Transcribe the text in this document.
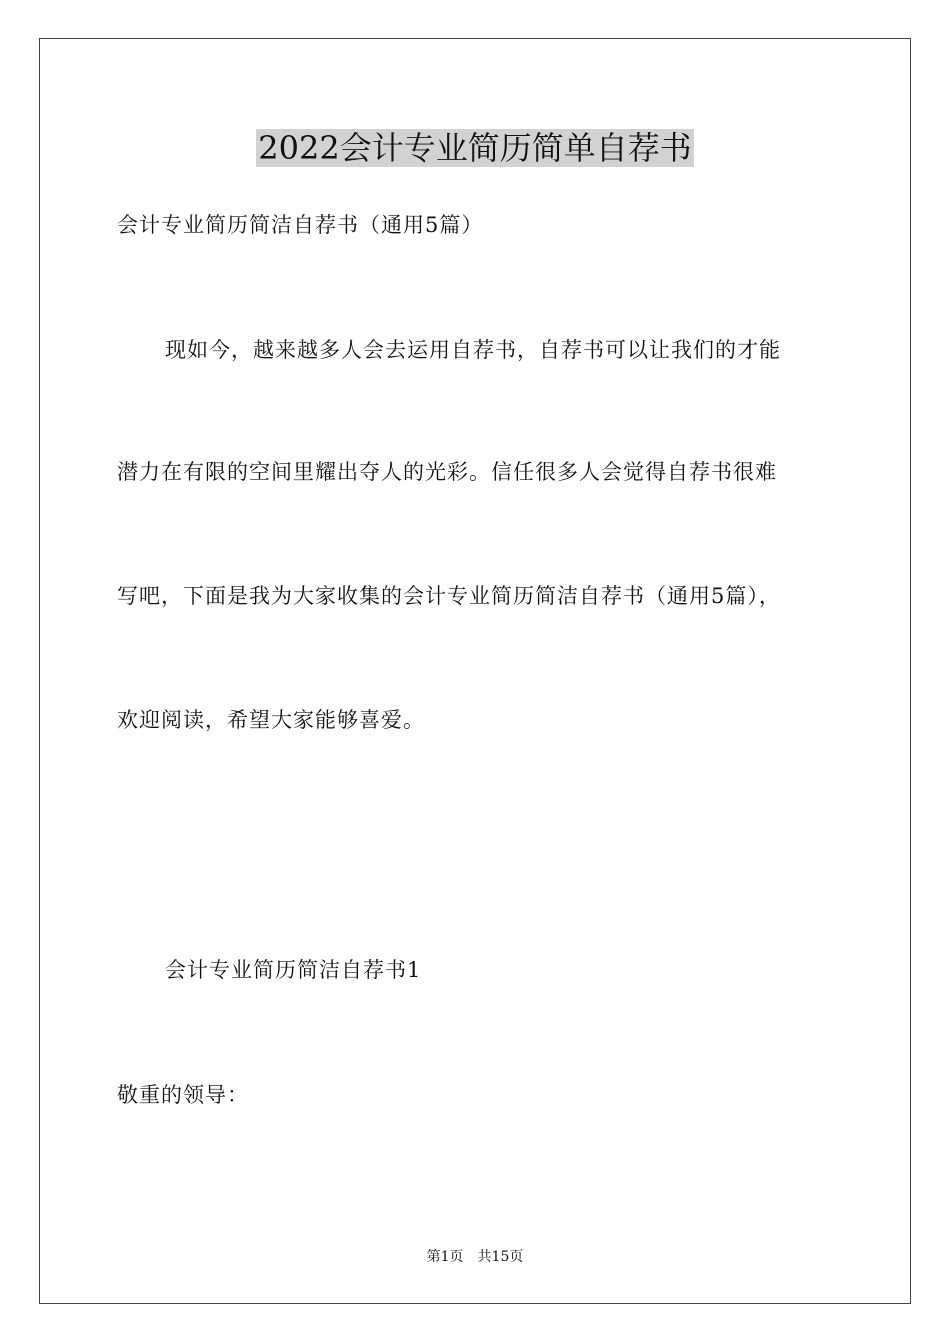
2022会计专业简历简单自荐书
会计专业简历简洁自荐书（通用5篇）
现如今，越来越多人会去运用自荐书，自荐书可以让我们的才能
潜力在有限的空间里耀出夺人的光彩。信任很多人会觉得自荐书很难
写吧，下面是我为大家收集的会计专业简历简洁自荐书（通用5篇），
欢迎阅读，希望大家能够喜爱。
会计专业简历简洁自荐书1
敬重的领导：
第1页　共15页
